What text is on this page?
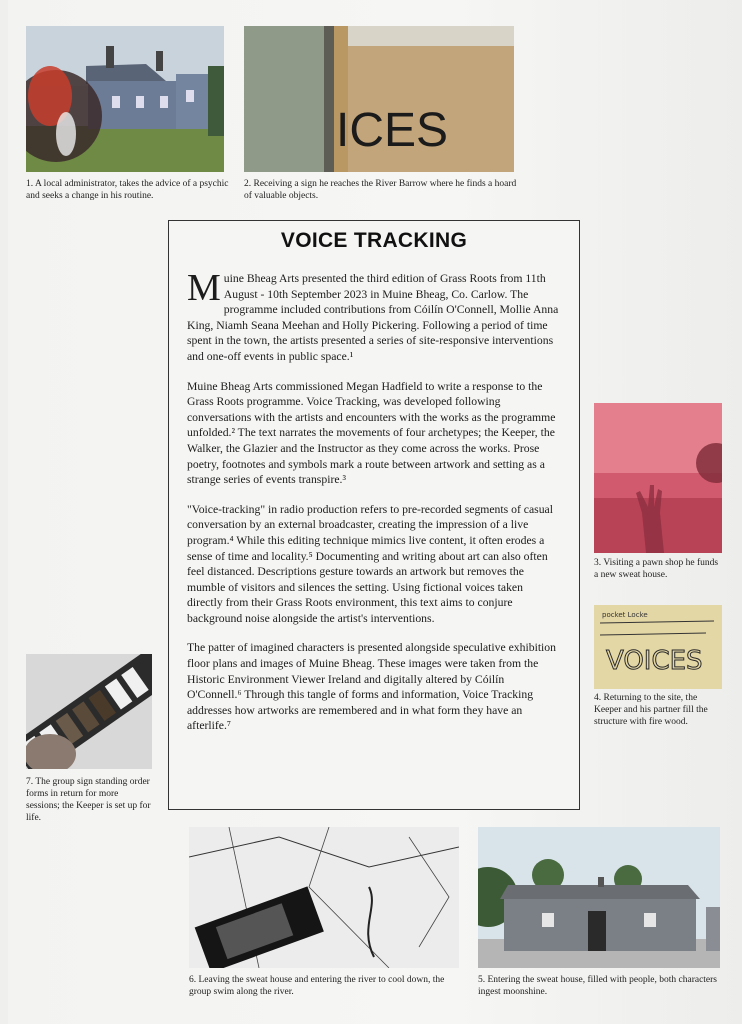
1. A local administrator, takes the advice of a psychic and seeks a change in his routine.
ICES
2. Receiving a sign he reaches the River Barrow where he finds a hoard of valuable objects.
VOICE TRACKING

Muine Bheag Arts presented the third edition of Grass Roots from 11th August - 10th September 2023 in Muine Bheag, Co. Carlow. The programme included contributions from Cóilín O'Connell, Mollie Anna King, Niamh Seana Meehan and Holly Pickering. Following a period of time spent in the town, the artists presented a series of site-responsive interventions and one-off events in public space.¹

Muine Bheag Arts commissioned Megan Hadfield to write a response to the Grass Roots programme. Voice Tracking, was developed following conversations with the artists and encounters with the works as the programme unfolded.² The text narrates the movements of four archetypes; the Keeper, the Walker, the Glazier and the Instructor as they come across the works. Prose poetry, footnotes and symbols mark a route between artwork and setting as a strange series of events transpire.³

"Voice-tracking" in radio production refers to pre-recorded segments of casual conversation by an external broadcaster, creating the impression of a live program.⁴ While this editing technique mimics live content, it often erodes a sense of time and locality.⁵ Documenting and writing about art can also often feel distanced. Descriptions gesture towards an artwork but removes the mumble of visitors and silences the setting. Using fictional voices taken directly from their Grass Roots environment, this text aims to conjure background noise alongside the artist's interventions.

The patter of imagined characters is presented alongside speculative exhibition floor plans and images of Muine Bheag. These images were taken from the Historic Environment Viewer Ireland and digitally altered by Cóilín O'Connell.⁶ Through this tangle of forms and information, Voice Tracking addresses how artworks are remembered and in what form they have an afterlife.⁷

3. Visiting a pawn shop he funds a new sweat house.
pocket Locke
VOICES
4. Returning to the site, the Keeper and his partner fill the structure with fire wood.
7. The group sign standing order forms in return for more sessions; the Keeper is set up for life.
6. Leaving the sweat house and entering the river to cool down, the group swim along the river.
5. Entering the sweat house, filled with people, both characters ingest moonshine.
